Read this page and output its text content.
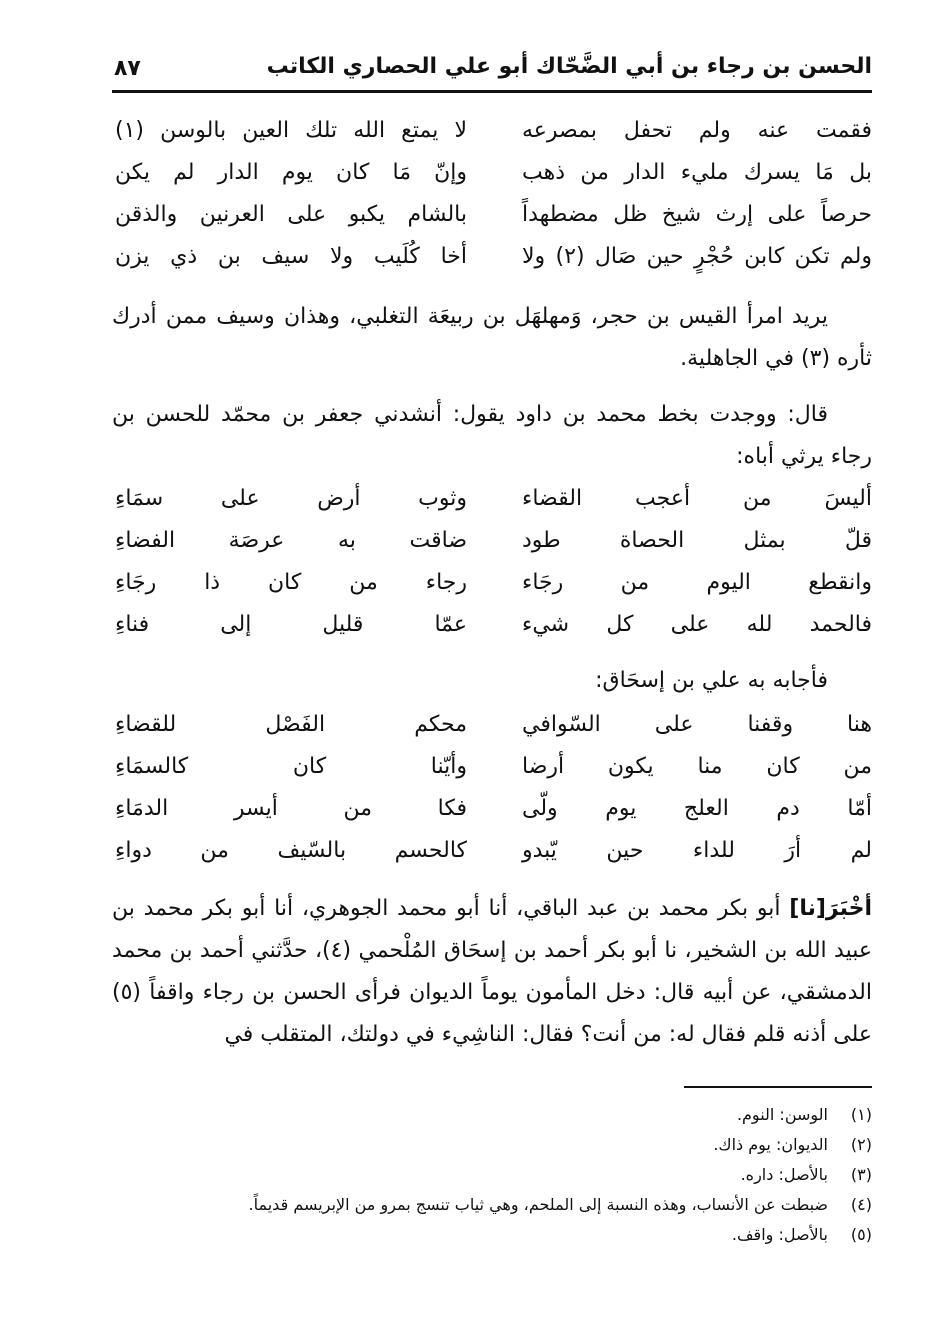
الحسن بن رجاء بن أبي الضَّحّاك أبو علي الحصاري الكاتب
٨٧
فقمت عنه ولم تحفل بمصرعه
لا يمتع الله تلك العين بالوسن (١)
بل مَا يسرك مليء الدار من ذهب
وإنّ مَا كان يوم الدار لم يكن
حرصاً على إرث شيخ ظل مضطهداً
بالشام يكبو على العرنين والذقن
ولم تكن كابن حُجْرٍ حين صَال (٢) ولا
أخا كُلَيب ولا سيف بن ذي يزن

يريد امرأ القيس بن حجر، وَمهلهَل بن ربيعَة التغلبي، وهذان وسيف ممن أدرك ثأره (٣) في الجاهلية.

قال: ووجدت بخط محمد بن داود يقول: أنشدني جعفر بن محمّد للحسن بن رجاء يرثي أباه:

أليسَ من أعجب القضاء
وثوب أرض على سمَاءِ
قلّ بمثل الحصاة طود
ضاقت به عرصَة الفضاءِ
وانقطع اليوم من رجَاء
رجاء من كان ذا رجَاءِ
فالحمد لله على كل شيء
عمّا قليل إلى فناءِ

فأجابه به علي بن إسحَاق:

هنا وقفنا على السّوافي
محكم الفَصْل للقضاءِ
من كان منا يكون أرضا
وأيّنا كان كالسمَاءِ
أمّا دم العلج يوم ولّى
فكا من أيسر الدمَاءِ
لم أرَ للداء حين يّبدو
كالحسم بالسّيف من دواءِ

أخْبَرَ[نا] أبو بكر محمد بن عبد الباقي، أنا أبو محمد الجوهري، أنا أبو بكر محمد بن عبيد الله بن الشخير، نا أبو بكر أحمد بن إسحَاق المُلْحمي (٤)، حدَّثني أحمد بن محمد الدمشقي، عن أبيه قال: دخل المأمون يوماً الديوان فرأى الحسن بن رجاء واقفاً (٥) على أذنه قلم فقال له: من أنت؟ فقال: الناشِيء في دولتك، المتقلب في

(١)الوسن: النوم.
(٢)الديوان: يوم ذاك.
(٣)بالأصل: داره.
(٤)ضبطت عن الأنساب، وهذه النسبة إلى الملحم، وهي ثياب تنسج بمرو من الإبريسم قديماً.
(٥)بالأصل: واقف.
